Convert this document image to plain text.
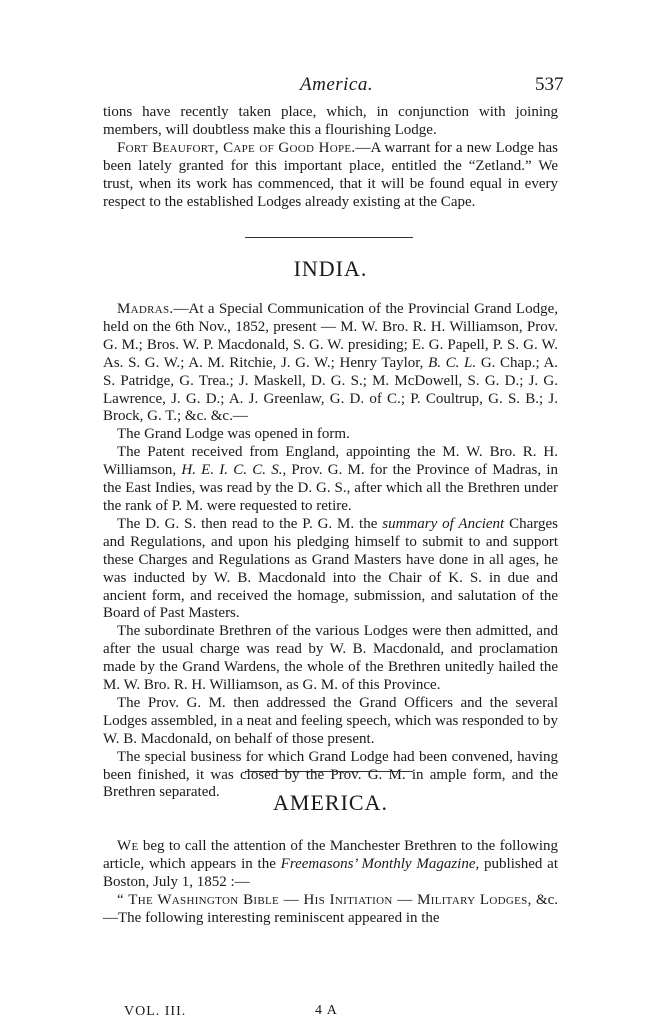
America.	537

tions have recently taken place, which, in conjunction with joining members, will doubtless make this a flourishing Lodge.

Fort Beaufort, Cape of Good Hope.—A warrant for a new Lodge has been lately granted for this important place, entitled the “Zetland.” We trust, when its work has commenced, that it will be found equal in every respect to the established Lodges already existing at the Cape.

INDIA.

Madras.—At a Special Communication of the Provincial Grand Lodge, held on the 6th Nov., 1852, present — M. W. Bro. R. H. Williamson, Prov. G. M.; Bros. W. P. Macdonald, S. G. W. presiding; E. G. Papell, P. S. G. W. As. S. G. W.; A. M. Ritchie, J. G. W.; Henry Taylor, B. C. L. G. Chap.; A. S. Patridge, G. Trea.; J. Maskell, D. G. S.; M. McDowell, S. G. D.; J. G. Lawrence, J. G. D.; A. J. Greenlaw, G. D. of C.; P. Coultrup, G. S. B.; J. Brock, G. T.; &c. &c.—

The Grand Lodge was opened in form.

The Patent received from England, appointing the M. W. Bro. R. H. Williamson, H. E. I. C. C. S., Prov. G. M. for the Province of Madras, in the East Indies, was read by the D. G. S., after which all the Brethren under the rank of P. M. were requested to retire.

The D. G. S. then read to the P. G. M. the summary of Ancient Charges and Regulations, and upon his pledging himself to submit to and support these Charges and Regulations as Grand Masters have done in all ages, he was inducted by W. B. Macdonald into the Chair of K. S. in due and ancient form, and received the homage, submission, and salutation of the Board of Past Masters.

The subordinate Brethren of the various Lodges were then admitted, and after the usual charge was read by W. B. Macdonald, and proclamation made by the Grand Wardens, the whole of the Brethren unitedly hailed the M. W. Bro. R. H. Williamson, as G. M. of this Province.

The Prov. G. M. then addressed the Grand Officers and the several Lodges assembled, in a neat and feeling speech, which was responded to by W. B. Macdonald, on behalf of those present.

The special business for which Grand Lodge had been convened, having been finished, it was closed by the Prov. G. M. in ample form, and the Brethren separated.	AMERICA.

We beg to call the attention of the Manchester Brethren to the following article, which appears in the Freemasons’ Monthly Magazine, published at Boston, July 1, 1852 :—

“ The Washington Bible — His Initiation — Military Lodges, &c.—The following interesting reminiscent appeared in the

VOL. III.	4 A
